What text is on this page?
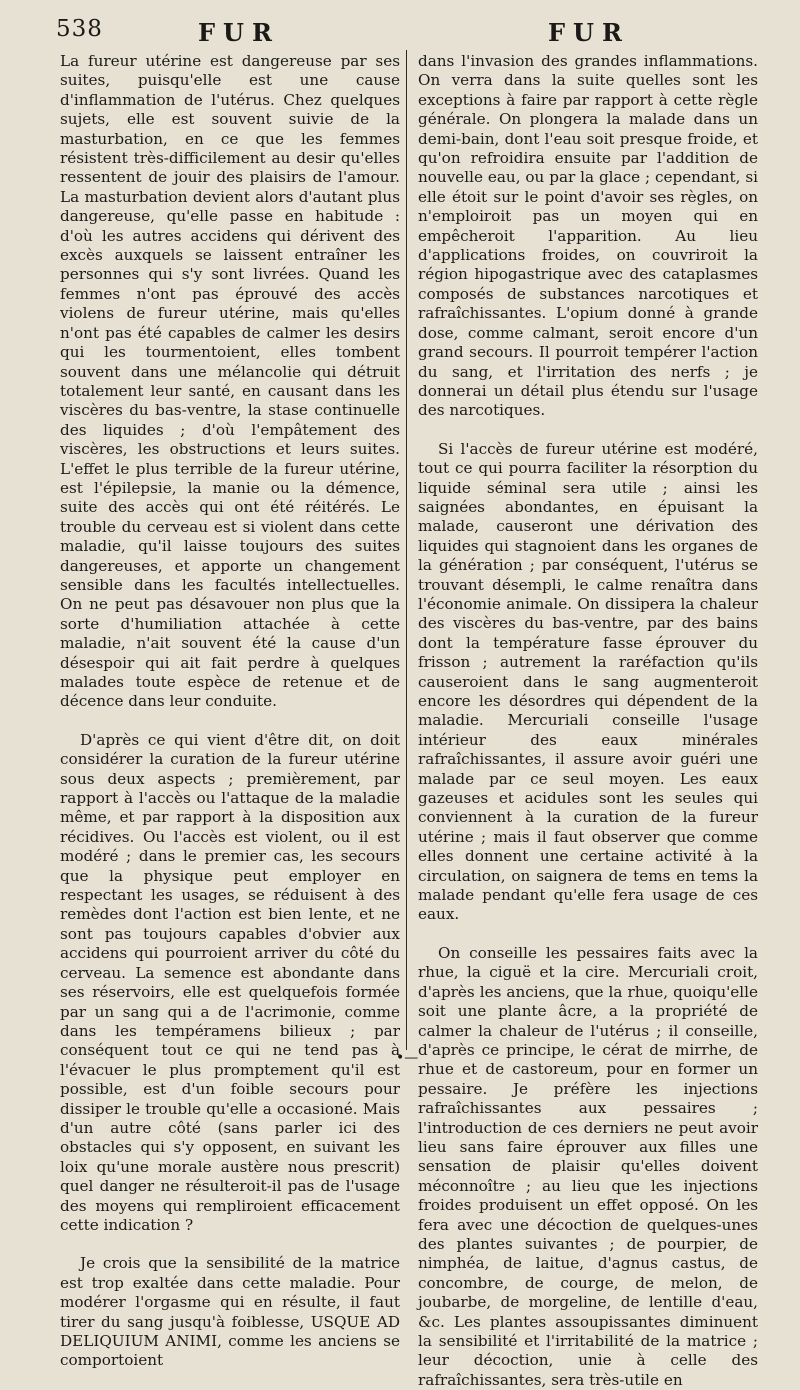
538	FUR	FUR

La fureur utérine est dangereuse par ses suites, puisqu'elle est une cause d'inflammation de l'utérus. Chez quelques sujets, elle est souvent suivie de la masturbation, en ce que les femmes résistent très-difficilement au desir qu'elles ressentent de jouir des plaisirs de l'amour. La masturbation devient alors d'autant plus dangereuse, qu'elle passe en habitude : d'où les autres accidens qui dérivent des excès auxquels se laissent entraîner les personnes qui s'y sont livrées. Quand les femmes n'ont pas éprouvé des accès violens de fureur utérine, mais qu'elles n'ont pas été capables de calmer les desirs qui les tourmentoient, elles tombent souvent dans une mélancolie qui détruit totalement leur santé, en causant dans les viscères du bas-ventre, la stase continuelle des liquides ; d'où l'empâtement des viscères, les obstructions et leurs suites. L'effet le plus terrible de la fureur utérine, est l'épilepsie, la manie ou la démence, suite des accès qui ont été réitérés. Le trouble du cerveau est si violent dans cette maladie, qu'il laisse toujours des suites dangereuses, et apporte un changement sensible dans les facultés intellectuelles. On ne peut pas désavouer non plus que la sorte d'humiliation attachée à cette maladie, n'ait souvent été la cause d'un désespoir qui ait fait perdre à quelques malades toute espèce de retenue et de décence dans leur conduite.

D'après ce qui vient d'être dit, on doit considérer la curation de la fureur utérine sous deux aspects ; premièrement, par rapport à l'accès ou l'attaque de la maladie même, et par rapport à la disposition aux récidives. Ou l'accès est violent, ou il est modéré ; dans le premier cas, les secours que la physique peut employer en respectant les usages, se réduisent à des remèdes dont l'action est bien lente, et ne sont pas toujours capables d'obvier aux accidens qui pourroient arriver du côté du cerveau. La semence est abondante dans ses réservoirs, elle est quelquefois formée par un sang qui a de l'acrimonie, comme dans les tempéramens bilieux ; par conséquent tout ce qui ne tend pas à l'évacuer le plus promptement qu'il est possible, est d'un foible secours pour dissiper le trouble qu'elle a occasioné. Mais d'un autre côté (sans parler ici des obstacles qui s'y opposent, en suivant les loix qu'une morale austère nous prescrit) quel danger ne résulteroit-il pas de l'usage des moyens qui rempliroient efficacement cette indication ?

Je crois que la sensibilité de la matrice est trop exaltée dans cette maladie. Pour modérer l'orgasme qui en résulte, il faut tirer du sang jusqu'à foiblesse, USQUE AD DELIQUIUM ANIMI, comme les anciens se comportoient

dans l'invasion des grandes inflammations. On verra dans la suite quelles sont les exceptions à faire par rapport à cette règle générale. On plongera la malade dans un demi-bain, dont l'eau soit presque froide, et qu'on refroidira ensuite par l'addition de nouvelle eau, ou par la glace ; cependant, si elle étoit sur le point d'avoir ses règles, on n'emploiroit pas un moyen qui en empêcheroit l'apparition. Au lieu d'applications froides, on couvriroit la région hipogastrique avec des cataplasmes composés de substances narcotiques et rafraîchissantes. L'opium donné à grande dose, comme calmant, seroit encore d'un grand secours. Il pourroit tempérer l'action du sang, et l'irritation des nerfs ; je donnerai un détail plus étendu sur l'usage des narcotiques.

Si l'accès de fureur utérine est modéré, tout ce qui pourra faciliter la résorption du liquide séminal sera utile ; ainsi les saignées abondantes, en épuisant la malade, causeront une dérivation des liquides qui stagnoient dans les organes de la génération ; par conséquent, l'utérus se trouvant désempli, le calme renaîtra dans l'économie animale. On dissipera la chaleur des viscères du bas-ventre, par des bains dont la température fasse éprouver du frisson ; autrement la raréfaction qu'ils causeroient dans le sang augmenteroit encore les désordres qui dépendent de la maladie. Mercuriali conseille l'usage intérieur des eaux minérales rafraîchissantes, il assure avoir guéri une malade par ce seul moyen. Les eaux gazeuses et acidules sont les seules qui conviennent à la curation de la fureur utérine ; mais il faut observer que comme elles donnent une certaine activité à la circulation, on saignera de tems en tems la malade pendant qu'elle fera usage de ces eaux.

On conseille les pessaires faits avec la rhue, la ciguë et la cire. Mercuriali croit, d'après les anciens, que la rhue, quoiqu'elle soit une plante âcre, a la propriété de calmer la chaleur de l'utérus ; il conseille, d'après ce principe, le cérat de mirrhe, de rhue et de castoreum, pour en former un pessaire. Je préfère les injections rafraîchissantes aux pessaires ; l'introduction de ces derniers ne peut avoir lieu sans faire éprouver aux filles une sensation de plaisir qu'elles doivent méconnoître ; au lieu que les injections froides produisent un effet opposé. On les fera avec une décoction de quelques-unes des plantes suivantes ; de pourpier, de nimphéa, de laitue, d'agnus castus, de concombre, de courge, de melon, de joubarbe, de morgeline, de lentille d'eau, &c. Les plantes assoupissantes diminuent la sensibilité et l'irritabilité de la matrice ; leur décoction, unie à celle des rafraîchissantes, sera très-utile en

•—
